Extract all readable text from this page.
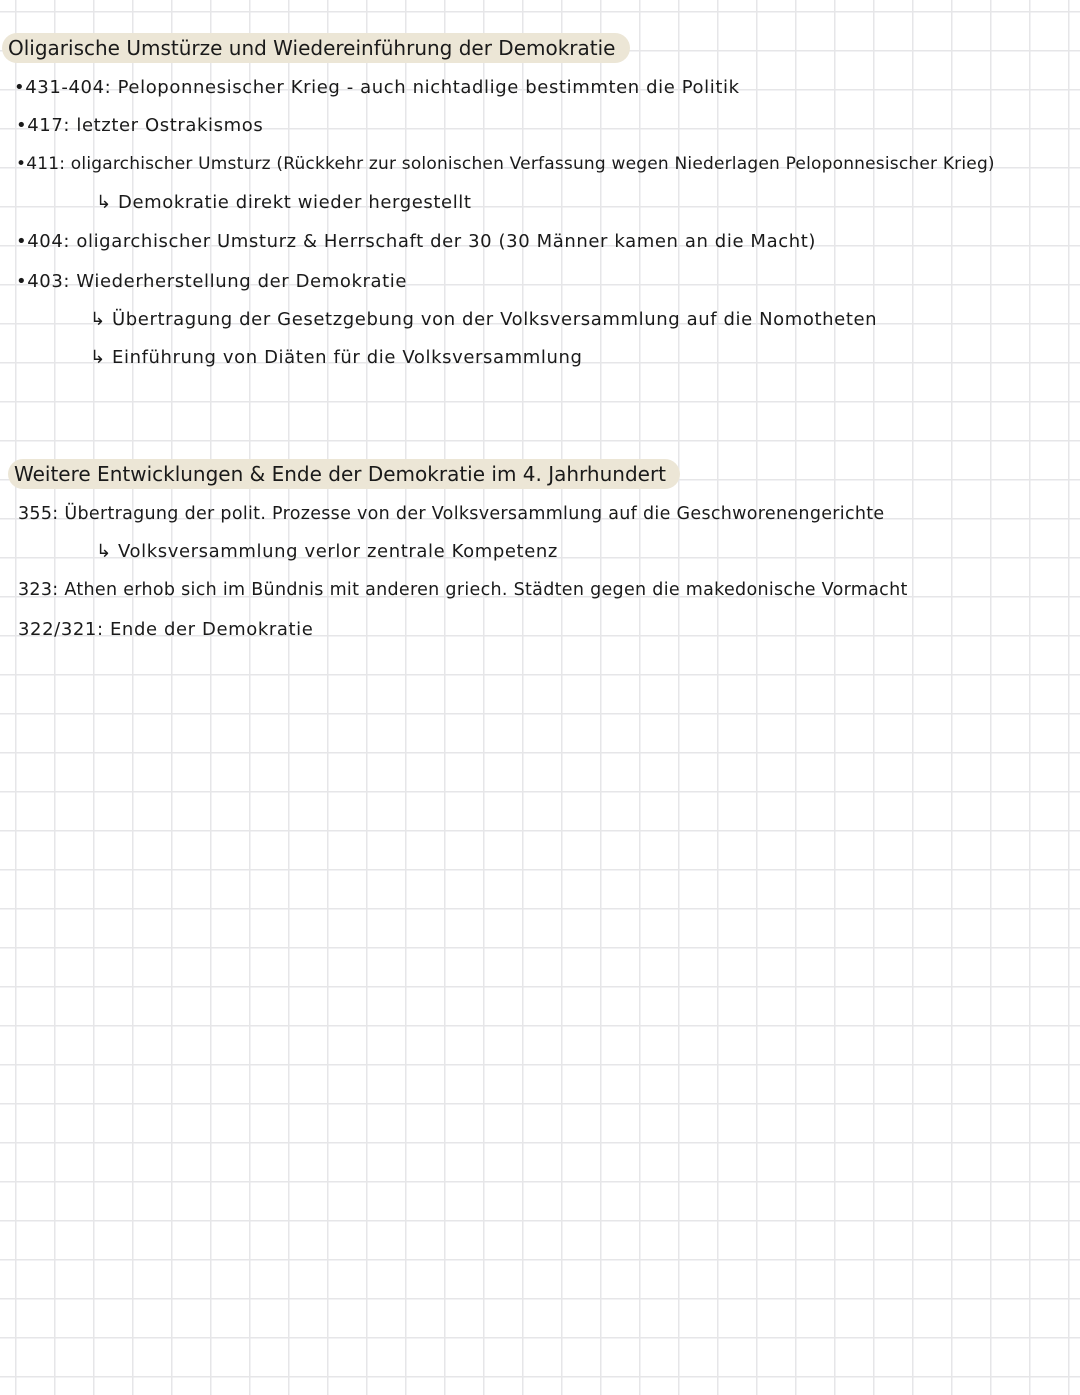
Oligarische Umstürze und Wiedereinführung der Demokratie
•431-404: Peloponnesischer Krieg - auch nichtadlige bestimmten die Politik
•417: letzter Ostrakismos
•411: oligarchischer Umsturz (Rückkehr zur solonischen Verfassung wegen Niederlagen Peloponnesischer Krieg)
↳ Demokratie direkt wieder hergestellt
•404: oligarchischer Umsturz & Herrschaft der 30 (30 Männer kamen an die Macht)
•403: Wiederherstellung der Demokratie
↳ Übertragung der Gesetzgebung von der Volksversammlung auf die Nomotheten
↳ Einführung von Diäten für die Volksversammlung
Weitere Entwicklungen & Ende der Demokratie im 4. Jahrhundert
355: Übertragung der polit. Prozesse von der Volksversammlung auf die Geschworenengerichte
↳ Volksversammlung verlor zentrale Kompetenz
323: Athen erhob sich im Bündnis mit anderen griech. Städten gegen die makedonische Vormacht
322/321: Ende der Demokratie
